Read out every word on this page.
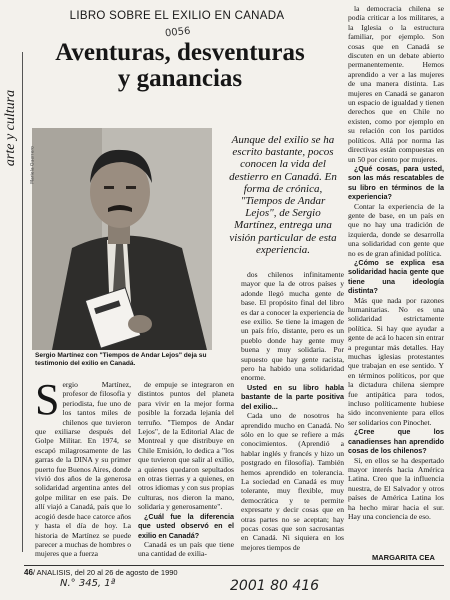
arte y cultura
LIBRO SOBRE EL EXILIO EN CANADA
0056
Aventuras, desventuras
y ganancias
Mariela Guerrero
Sergio Martínez con "Tiempos de Andar Lejos" deja su testimonio del exilio en Canadá.
Aunque del exilio se ha escrito bastante, pocos conocen la vida del destierro en Canadá. En forma de crónica, "Tiempos de Andar Lejos", de Sergio Martínez, entrega una visión particular de esta experiencia.

Sergio Martínez, profesor de filosofía y periodista, fue uno de los tantos miles de chilenos que tuvieron que exiliarse después del Golpe Militar. En 1974, se escapó milagrosamente de las garras de la DINA y su primer puerto fue Buenos Aires, donde vivió dos años de la generosa solidaridad argentina antes del golpe militar en ese país. De allí viajó a Canadá, país que lo acogió desde hace catorce años y hasta el día de hoy. La historia de Martínez se puede parecer a muchas de hombres o mujeres que a fuerza

de empuje se integraron en distintos puntos del planeta para vivir en la mejor forma posible la forzada lejanía del terruño. "Tiempos de Andar Lejos", de la Editorial Alac de Montreal y que distribuye en Chile Emisión, lo dedica a "los que tuvieron que salir al exilio, a quienes quedaron sepultados en otras tierras y a quienes, en otros idiomas y con sus propias culturas, nos dieron la mano, solidaria y generosamente".

¿Cuál fue la diferencia que usted observó en el exilio en Canadá?

Canadá es un país que tiene una cantidad de exilia-

dos chilenos infinitamente mayor que la de otros países y adonde llegó mucha gente de base. El propósito final del libro es dar a conocer la experiencia de ese exilio. Se tiene la imagen de un país frío, distante, pero es un pueblo donde hay gente muy buena y muy solidaria. Por supuesto que hay gente racista, pero ha habido una solidaridad enorme.

Usted en su libro habla bastante de la parte positiva del exilio...

Cada uno de nosotros ha aprendido mucho en Canadá. No sólo en lo que se refiere a más conocimientos. (Aprendió a hablar inglés y francés y hizo un postgrado en filosofía). También hemos aprendido en tolerancia. La sociedad en Canadá es muy tolerante, muy flexible, muy democrática y te permite expresarte y decir cosas que en otras partes no se aceptan; hay pocas cosas que son sacrosantas en Canadá. Ni siquiera en los mejores tiempos de

la democracia chilena se podía criticar a los militares, a la Iglesia o la estructura familiar, por ejemplo. Son cosas que en Canadá se discuten en un debate abierto permanentemente. Hemos aprendido a ver a las mujeres de una manera distinta. Las mujeres en Canadá se ganaron un espacio de igualdad y tienen derechos que en Chile no existen, como por ejemplo en su relación con los partidos políticos. Allá por norma las directivas están compuestas en un 50 por ciento por mujeres.

¿Qué cosas, para usted, son las más rescatables de su libro en términos de la experiencia?

Contar la experiencia de la gente de base, en un país en que no hay una tradición de izquierda, donde se desarrolla una solidaridad con gente que no es de gran afinidad política.

¿Cómo se explica esa solidaridad hacia gente que tiene una ideología distinta?

Más que nada por razones humanitarias. No es una solidaridad estrictamente política. Si hay que ayudar a gente de acá lo hacen sin entrar a preguntar más detalles. Hay muchas iglesias protestantes que trabajan en ese sentido. Y en términos políticos, por que la dictadura chilena siempre fue antipática para todos, incluso políticamente hubiese sido inconveniente para ellos ser solidarios con Pinochet.

¿Cree que los canadienses han aprendido cosas de los chilenos?

Sí, en ellos se ha despertado mayor interés hacia América Latina. Creo que la influencia nuestra, de El Salvador y otros países de América Latina los ha hecho mirar hacia el sur. Hay una conciencia de eso.

MARGARITA CEA
46/ ANALISIS, del 20 al 26 de agosto de 1990
N.° 345, 1ª	2001 80 416
